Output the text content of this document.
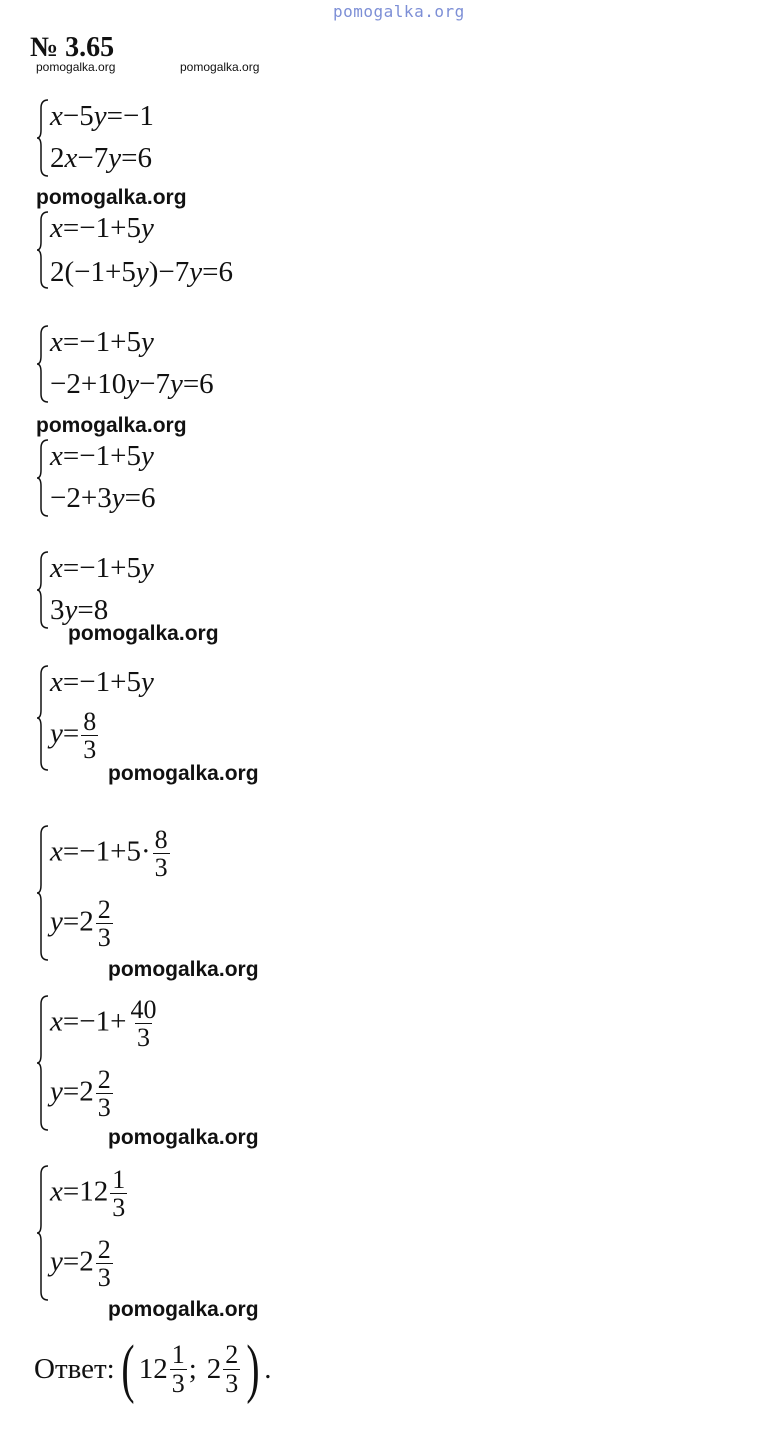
pomogalka.org
№ 3.65
pomogalka.org	pomogalka.org
x−5y=−1
2x−7y=6
pomogalka.org
x=−1+5y
2(−1+5y)−7y=6
x=−1+5y
−2+10y−7y=6
pomogalka.org
x=−1+5y
−2+3y=6
x=−1+5y
3y=8
pomogalka.org
x=−1+5y
$y= \frac{8}{3}$
pomogalka.org
$x=-1+5\cdot \frac{8}{3}$
$y=2 \frac{2}{3}$
pomogalka.org
$x=-1+ \frac{40}{3}$
$y=2 \frac{2}{3}$
pomogalka.org
$x=12 \frac{1}{3}$
$y=2 \frac{2}{3}$
pomogalka.org
Ответ: ( $12 \frac{1}{3}$ ; $2 \frac{2}{3}$ ) .
